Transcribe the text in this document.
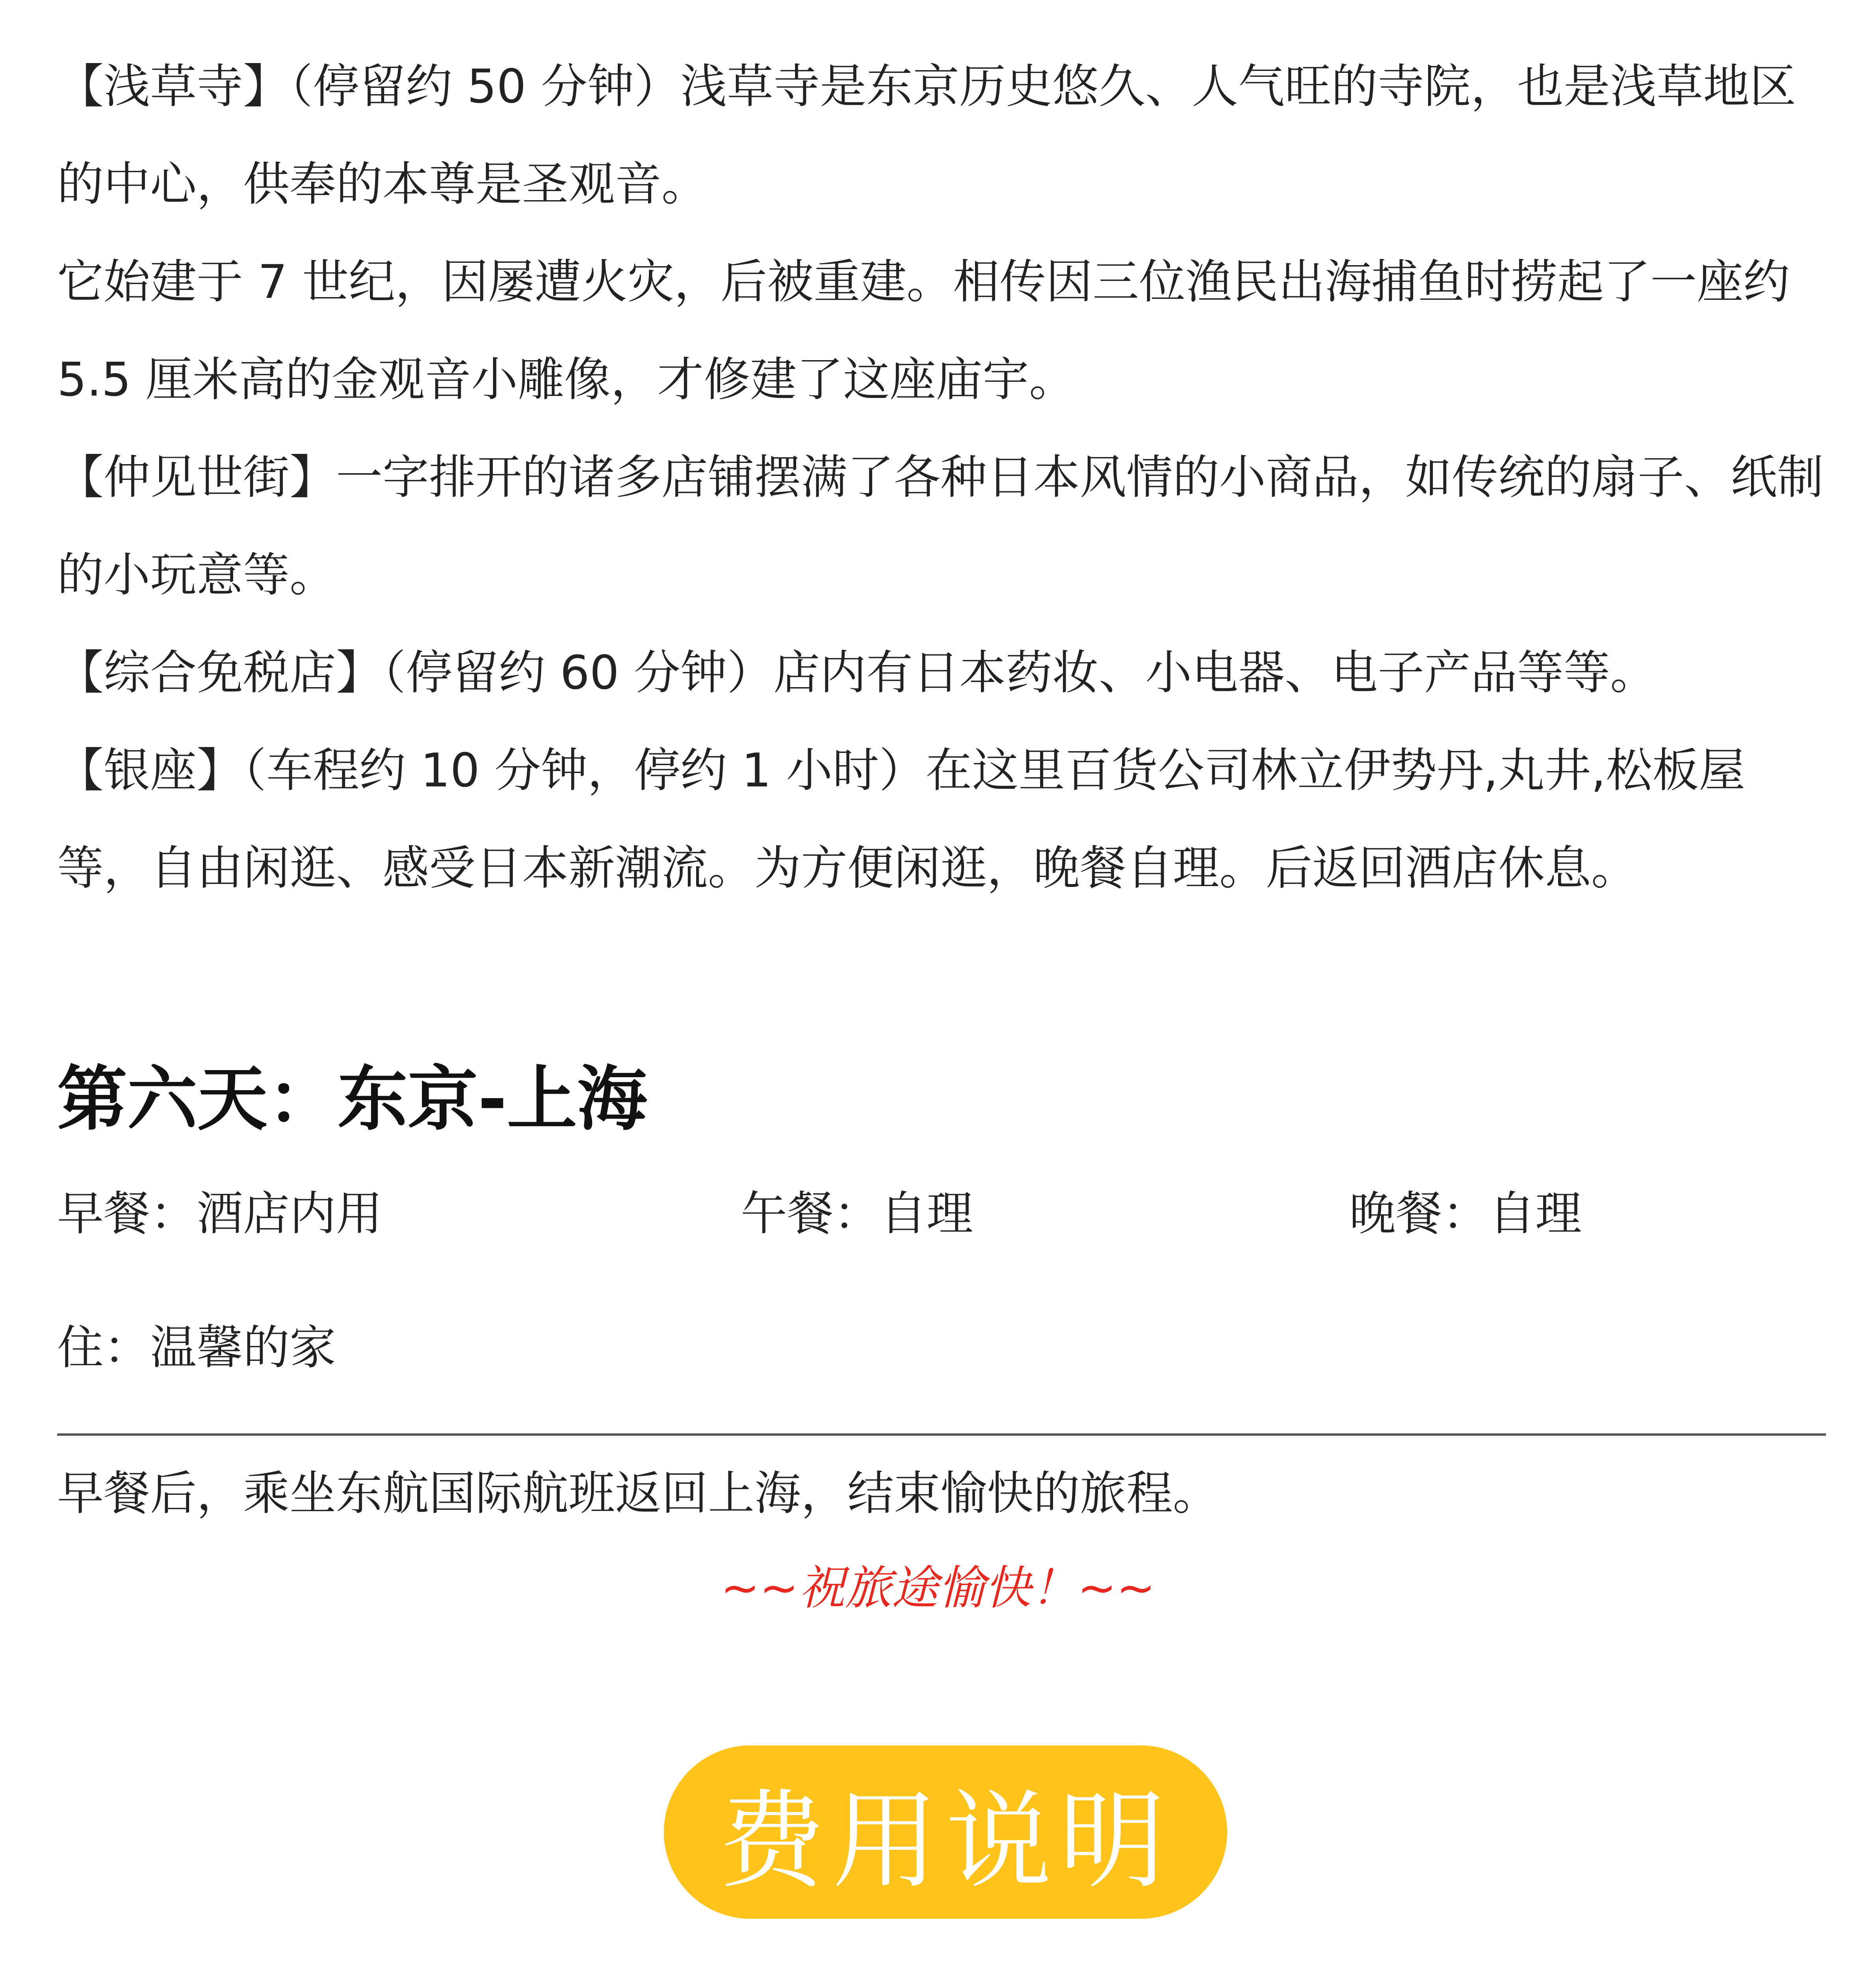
【浅草寺】（停留约 50 分钟）浅草寺是东京历史悠久、人气旺的寺院，也是浅草地区的中心，供奉的本尊是圣观音。

它始建于 7 世纪，因屡遭火灾，后被重建。相传因三位渔民出海捕鱼时捞起了一座约 5.5 厘米高的金观音小雕像，才修建了这座庙宇。

【仲见世街】一字排开的诸多店铺摆满了各种日本风情的小商品，如传统的扇子、纸制的小玩意等。

【综合免税店】（停留约 60 分钟）店内有日本药妆、小电器、电子产品等等。

【银座】（车程约 10 分钟，停约 1 小时）在这里百货公司林立伊势丹,丸井,松板屋等，自由闲逛、感受日本新潮流。为方便闲逛，晚餐自理。后返回酒店休息。

第六天：东京-上海

早餐：酒店内用	午餐：自理	晚餐：自理

住：温馨的家

早餐后，乘坐东航国际航班返回上海，结束愉快的旅程。

~~祝旅途愉快！~~

费用说明
